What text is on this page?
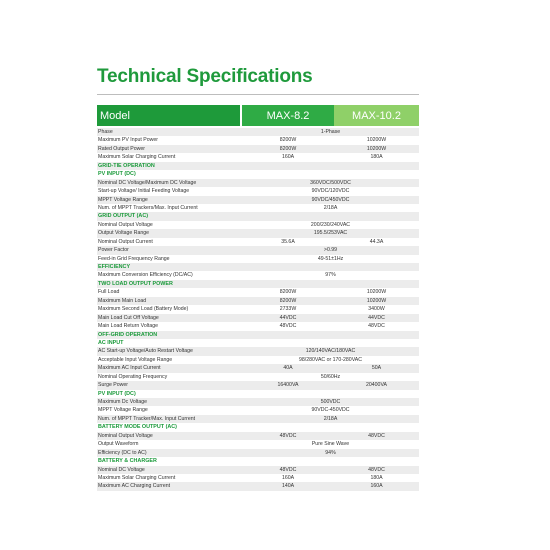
Technical Specifications
Model	MAX-8.2	MAX-10.2
Phase	1-Phase
Maximum PV Input Power	8200W	10200W
Rated Output Power	8200W	10200W
Maximum Solar Charging Current	160A	180A
GRID-TIE OPERATION
PV INPUT (DC)
Nominal DC Voltage/Maximum DC Voltage	360VDC/500VDC
Start-up Voltage/ Initial Feeding Voltage	90VDC/120VDC
MPPT Voltage Range	90VDC/450VDC
Num. of MPPT Trackers/Max. Input Current	2/18A
GRID OUTPUT (AC)
Nominal Output Voltage	200/230/240VAC
Output Voltage Range	195.5/253VAC
Nominal Output Current	35.6A	44.3A
Power Factor	>0.99
Feed-in Grid Frequency Range	49-51±1Hz
EFFICIENCY
Maximum Conversion Efficiency (DC/AC)	97%
TWO LOAD OUTPUT POWER
Full Load	8200W	10200W
Maximum Main Load	8200W	10200W
Maximum Second Load (Battery Mode)	2733W	3400W
Main Load Cut Off Voltage	44VDC	44VDC
Main Load Return Voltage	48VDC	48VDC
OFF-GRID OPERATION
AC INPUT
AC Start-up Voltage/Auto Restart Voltage	120/140VAC/180VAC
Acceptable Input Voltage Range	98/280VAC or 170-280VAC
Maximum AC Input Current	40A	50A
Nominal Operating Frequency	50/60Hz
Surge Power	16400VA	20400VA
PV INPUT (DC)
Maximum Dc Voltage	500VDC
MPPT Voltage Range	90VDC-450VDC
Num. of MPPT Tracker/Max. Input Current	2/18A
BATTERY MODE OUTPUT (AC)
Nominal Output Voltage	48VDC	48VDC
Output Waveform	Pure Sine Wave
Efficiency (DC to AC)	94%
BATTERY & CHARGER
Nominal DC Voltage	48VDC	48VDC
Maximum Solar Charging Current	160A	180A
Maximum AC Charging Current	140A	160A
